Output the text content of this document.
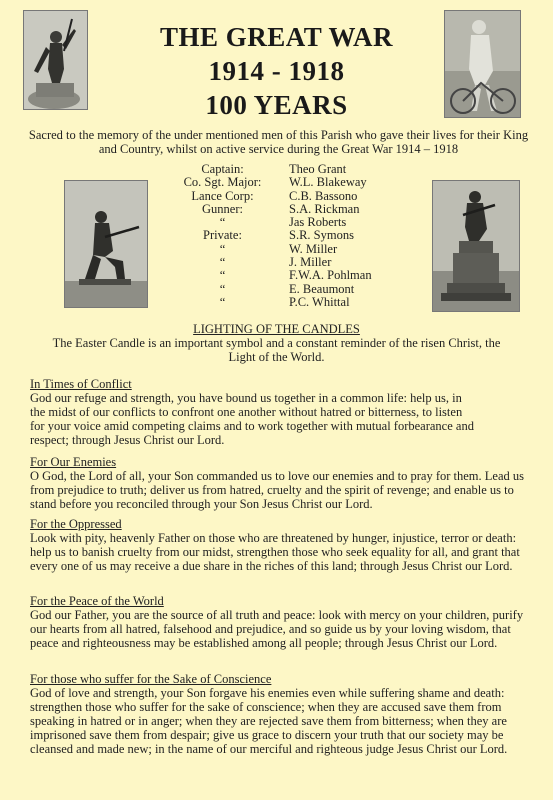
THE GREAT WAR
1914 - 1918
100 YEARS

Sacred to the memory of the under mentioned men of this Parish who gave their lives for their King and Country, whilst on active service during the Great War 1914 – 1918

Captain:	Theo Grant
Co. Sgt. Major:	W.L. Blakeway
Lance Corp:	C.B. Bassono
Gunner:	S.A. Rickman
“	Jas Roberts
Private:	S.R. Symons
“	W. Miller
“	J. Miller
“	F.W.A. Pohlman
“	E. Beaumont
“	P.C. Whittal
LIGHTING OF THE CANDLES
The Easter Candle is an important symbol and a constant reminder of the risen Christ, the Light of the World.
In Times of Conflict
God our refuge and strength, you have bound us together in a common life: help us, in the midst of our conflicts to confront one another without hatred or bitterness, to listen for your voice amid competing claims and to work together with mutual forbearance and respect; through Jesus Christ our Lord.
For Our Enemies
O God, the Lord of all, your Son commanded us to love our enemies and to pray for them. Lead us from prejudice to truth; deliver us from hatred, cruelty and the spirit of revenge; and enable us to stand before you reconciled through your Son Jesus Christ our Lord.
For the Oppressed
Look with pity, heavenly Father on those who are threatened by hunger, injustice, terror or death: help us to banish cruelty from our midst, strengthen those who seek equality for all, and grant that every one of us may receive a due share in the riches of this land; through Jesus Christ our Lord.
For the Peace of the World
God our Father, you are the source of all truth and peace: look with mercy on your children, purify our hearts from all hatred, falsehood and prejudice, and so guide us by your loving wisdom, that peace and righteousness may be established among all people; through Jesus Christ our Lord.
For those who suffer for the Sake of Conscience
God of love and strength, your Son forgave his enemies even while suffering shame and death: strengthen those who suffer for the sake of conscience; when they are accused save them from speaking in hatred or in anger; when they are rejected save them from bitterness; when they are imprisoned save them from despair; give us grace to discern your truth that our society may be cleansed and made new; in the name of our merciful and righteous judge Jesus Christ our Lord.
